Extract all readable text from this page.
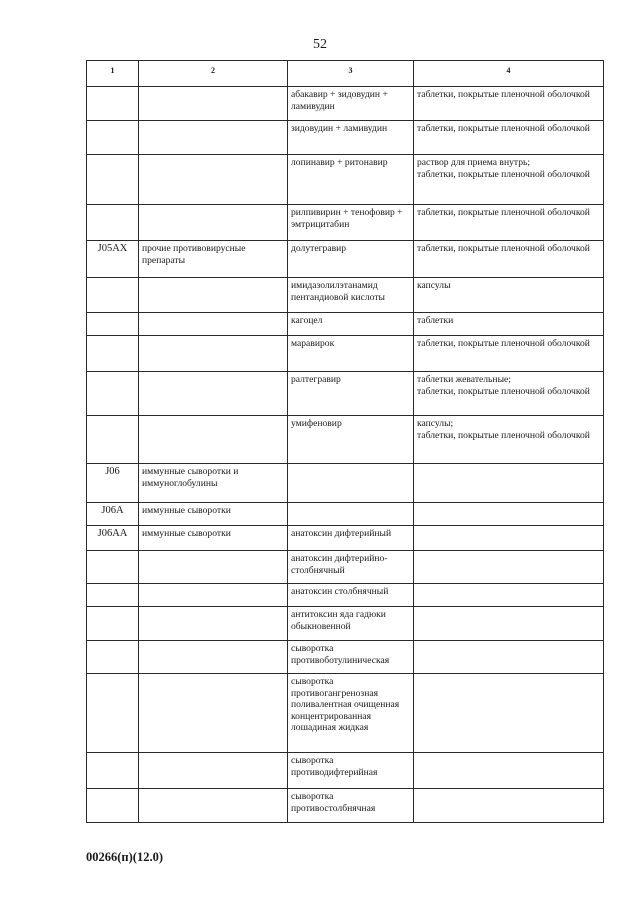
52
1	2	3	4
		абакавир + зидовудин + ламивудин	таблетки, покрытые пленочной оболочкой

		зидовудин + ламивудин	таблетки, покрытые пленочной оболочкой

		лопинавир + ритонавир	раствор для приема внутрь;
таблетки, покрытые пленочной оболочкой

		рилпивирин + тенофовир + эмтрицитабин	таблетки, покрытые пленочной оболочкой

J05AX	прочие противовирусные препараты	долутегравир	таблетки, покрытые пленочной оболочкой

		имидазолилэтанамид пентандиовой кислоты	капсулы

		кагоцел	таблетки

		маравирок	таблетки, покрытые пленочной оболочкой

		ралтегравир	таблетки жевательные;
таблетки, покрытые пленочной оболочкой

		умифеновир	капсулы;
таблетки, покрытые пленочной оболочкой

J06	иммунные сыворотки и иммуноглобулины		
J06A	иммунные сыворотки		
J06AA	иммунные сыворотки	анатоксин дифтерийный	
		анатоксин дифтерийно-столбнячный	
		анатоксин столбнячный	
		антитоксин яда гадюки обыкновенной	
		сыворотка противоботулиническая	
		сыворотка противогангренозная поливалентная очищенная концентрированная лошадиная жидкая	
		сыворотка противодифтерийная	
		сыворотка противостолбнячная	
00266(п)(12.0)
